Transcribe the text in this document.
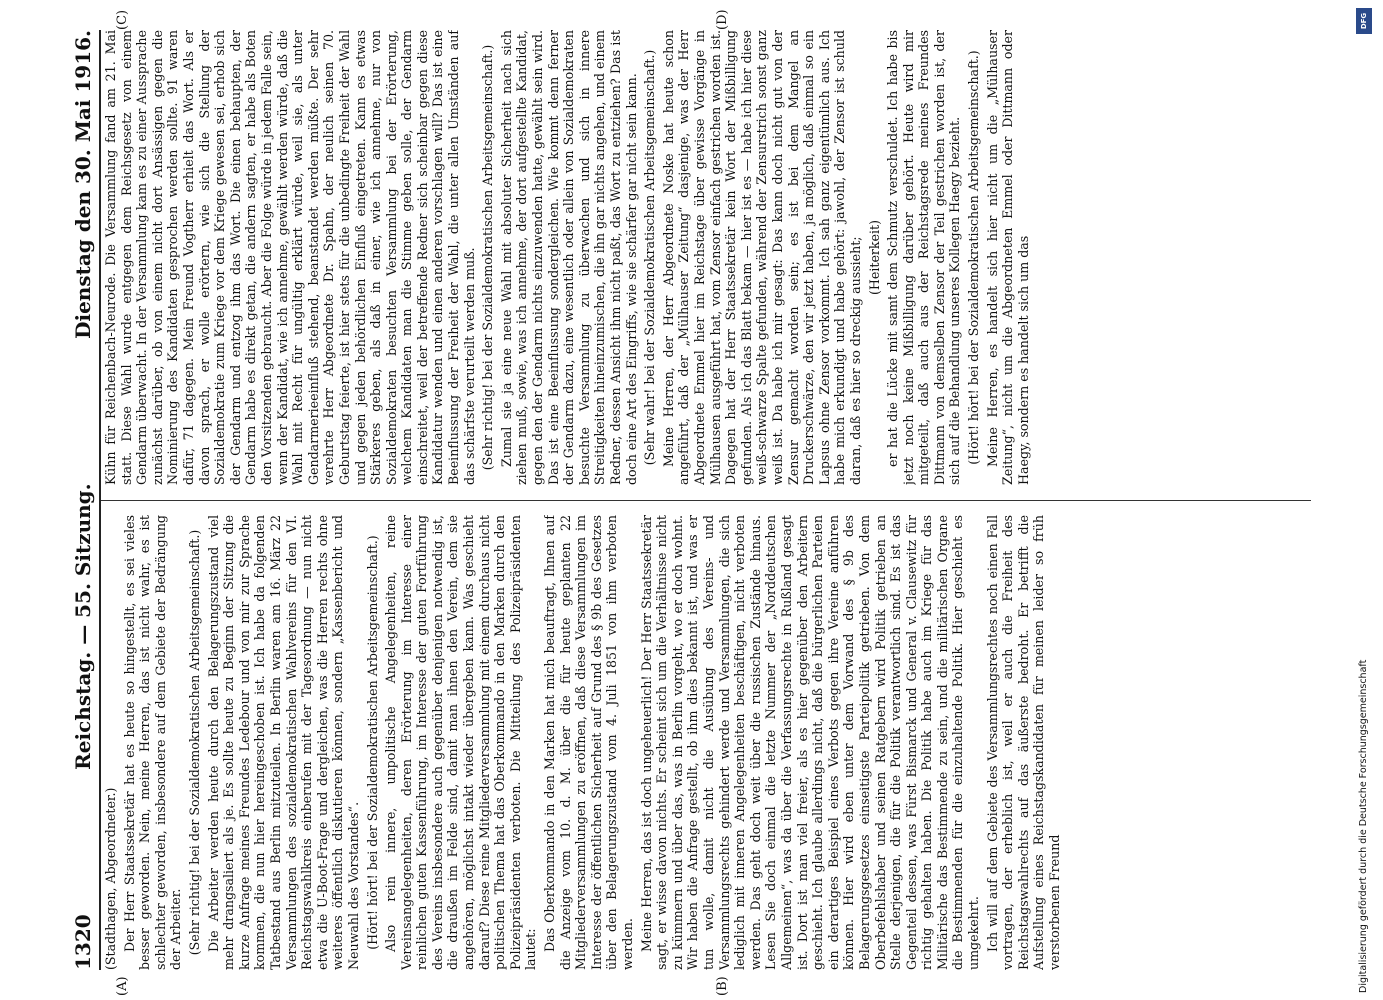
1320
Reichstag. — 55. Sitzung.
Dienstag den 30. Mai 1916.

(Stadthagen, Abgeordneter.) Der Herr Staatssekretär hat es heute so hingestellt, es sei vieles besser geworden. Nein, meine Herren, das ist nicht wahr, es ist schlechter geworden, insbesondere auf dem Gebiete der Bedrängung der Arbeiter. (Sehr richtig! bei der Sozialdemokratischen Arbeitsgemeinschaft.) Die Arbeiter werden heute durch den Belagerungszustand viel mehr drangsaliert als je. Es sollte heute zu Beginn der Sitzung die kurze Anfrage meines Freundes Ledebour und von mir zur Sprache kommen, die nun hier hereingeschoben ist. Ich habe da folgenden Tatbestand aus Berlin mitzuteilen. In Berlin waren am 16. März 22 Versammlungen des sozialdemokratischen Wahlvereins für den VI. Reichstagswahlkreis einberufen mit der Tagesordnung — nun nicht etwa die U-Boot-Frage und dergleichen, was die Herren rechts ohne weiteres öffentlich diskutieren können, sondern „Kassenbericht und Neuwahl des Vorstandes“. (Hört! hört! bei der Sozialdemokratischen Arbeitsgemeinschaft.) Also rein innere, unpolitische Angelegenheiten, reine Vereinsangelegenheiten, deren Erörterung im Interesse einer reinlichen guten Kassenführung, im Interesse der guten Fortführung des Vereins insbesondere auch gegenüber denjenigen notwendig ist, die draußen im Felde sind, damit man ihnen den Verein, dem sie angehören, möglichst intakt wieder übergeben kann. Was geschieht darauf? Diese reine Mitgliederversammlung mit einem durchaus nicht politischen Thema hat das Oberkommando in den Marken durch den Polizeipräsidenten verboten. Die Mitteilung des Polizeipräsidenten lautet: Das Oberkommando in den Marken hat mich beauftragt, Ihnen auf die Anzeige vom 10. d. M. über die für heute geplanten 22 Mitgliederversammlungen zu eröffnen, daß diese Versammlungen im Interesse der öffentlichen Sicherheit auf Grund des § 9b des Gesetzes über den Belagerungszustand vom 4. Juli 1851 von ihm verboten werden. Meine Herren, das ist doch ungeheuerlich! Der Herr Staatssekretär sagt, er wisse davon nichts. Er scheint sich um die Verhältnisse nicht zu kümmern und über das, was in Berlin vorgeht, wo er doch wohnt. Wir haben die Anfrage gestellt, ob ihm dies bekannt ist, und was er tun wolle, damit nicht die Ausübung des Vereins- und Versammlungsrechts gehindert werde und Versammlungen, die sich lediglich mit inneren Angelegenheiten beschäftigen, nicht verboten werden. Das geht doch weit über die russischen Zustände hinaus. Lesen Sie doch einmal die letzte Nummer der „Norddeutschen Allgemeinen“, was da über die Verfassungsrechte in Rußland gesagt ist. Dort ist man viel freier, als es hier gegenüber den Arbeitern geschieht. Ich glaube allerdings nicht, daß die bürgerlichen Parteien ein derartiges Beispiel eines Verbots gegen ihre Vereine anführen können. Hier wird eben unter dem Vorwand des § 9b des Belagerungsgesetzes einseitigste Parteipolitik getrieben. Von dem Oberbefehlshaber und seinen Ratgebern wird Politik getrieben an Stelle derjenigen, die für die Politik verantwortlich sind. Es ist das Gegenteil dessen, was Fürst Bismarck und General v. Clausewitz für richtig gehalten haben. Die Politik habe auch im Kriege für das Militärische das Bestimmende zu sein, und die militärischen Organe die Bestimmenden für die einzuhaltende Politik. Hier geschieht es umgekehrt. Ich will auf dem Gebiete des Versammlungsrechtes noch einen Fall vortragen, der erheblich ist, weil er auch die Freiheit des Reichstagswahlrechts auf das äußerste bedroht. Er betrifft die Aufstellung eines Reichstagskandidaten für meinen leider so früh verstorbenen Freund

Kühn für Reichenbach-Neurode. Die Versammlung fand am 21. Mai statt. Diese Wahl wurde entgegen dem Reichsgesetz von einem Gendarm überwacht. In der Versammlung kam es zu einer Aussprache zunächst darüber, ob von einem nicht dort Ansässigen gegen die Nominierung des Kandidaten gesprochen werden sollte. 91 waren dafür, 71 dagegen. Mein Freund Vogtherr erhielt das Wort. Als er davon sprach, er wolle erörtern, wie sich die Stellung der Sozialdemokratie zum Kriege vor dem Kriege gewesen sei, erhob sich der Gendarm und entzog ihm das Wort. Die einen behaupten, der Gendarm habe es direkt getan, die andern sagten, er habe als Boten den Vorsitzenden gebraucht. Aber die Folge würde in jedem Falle sein, wenn der Kandidat, wie ich annehme, gewählt werden würde, daß die Wahl mit Recht für ungültig erklärt würde, weil sie, als unter Gendarmerieeinfluß stehend, beanstandet werden müßte. Der sehr verehrte Herr Abgeordnete Dr. Spahn, der neulich seinen 70. Geburtstag feierte, ist hier stets für die unbedingte Freiheit der Wahl und gegen jeden behördlichen Einfluß eingetreten. Kann es etwas Stärkeres geben, als daß in einer, wie ich annehme, nur von Sozialdemokraten besuchten Versammlung bei der Erörterung, welchem Kandidaten man die Stimme geben solle, der Gendarm einschreitet, weil der betreffende Redner sich scheinbar gegen diese Kandidatur wenden und einen anderen vorschlagen will? Das ist eine Beeinflussung der Freiheit der Wahl, die unter allen Umständen auf das schärfste verurteilt werden muß. (Sehr richtig! bei der Sozialdemokratischen Arbeitsgemeinschaft.) Zumal sie ja eine neue Wahl mit absoluter Sicherheit nach sich ziehen muß, sowie, was ich annehme, der dort aufgestellte Kandidat, gegen den der Gendarm nichts einzuwenden hatte, gewählt sein wird. Das ist eine Beeinflussung sondergleichen. Wie kommt denn ferner der Gendarm dazu, eine wesentlich oder allein von Sozialdemokraten besuchte Versammlung zu überwachen und sich in innere Streitigkeiten hineinzumischen, die ihn gar nichts angehen, und einem Redner, dessen Ansicht ihm nicht paßt, das Wort zu entziehen? Das ist doch eine Art des Eingriffs, wie sie schärfer gar nicht sein kann. (Sehr wahr! bei der Sozialdemokratischen Arbeitsgemeinschaft.) Meine Herren, der Herr Abgeordnete Noske hat heute schon angeführt, daß der „Mülhauser Zeitung“ dasjenige, was der Herr Abgeordnete Emmel hier im Reichstage über gewisse Vorgänge in Mülhausen ausgeführt hat, vom Zensor einfach gestrichen worden ist. Dagegen hat der Herr Staatssekretär kein Wort der Mißbilligung gefunden. Als ich das Blatt bekam — hier ist es — habe ich hier diese weiß-schwarze Spalte gefunden, während der Zensurstrich sonst ganz weiß ist. Da habe ich mir gesagt: Das kann doch nicht gut von der Zensur gemacht worden sein; es ist bei dem Mangel an Druckerschwärze, den wir jetzt haben, ja möglich, daß einmal so ein Lapsus ohne Zensor vorkommt. Ich sah ganz eigentümlich aus. Ich habe mich erkundigt und habe gehört: jawohl, der Zensor ist schuld daran, daß es hier so dreckig aussieht; (Heiterkeit) er hat die Lücke mit samt dem Schmutz verschuldet. Ich habe bis jetzt noch keine Mißbilligung darüber gehört. Heute wird mir mitgeteilt, daß auch aus der Reichstagsrede meines Freundes Dittmann von demselben Zensor der Teil gestrichen worden ist, der sich auf die Behandlung unseres Kollegen Haegy bezieht. (Hört! hört! bei der Sozialdemokratischen Arbeitsgemeinschaft.) Meine Herren, es handelt sich hier nicht um die „Mülhauser Zeitung“, nicht um die Abgeordneten Emmel oder Dittmann oder Haegy, sondern es handelt sich um das

(A)	(B)
(C)	(D)	DFG
Digitalisierung gefördert durch die Deutsche Forschungsgemeinschaft
